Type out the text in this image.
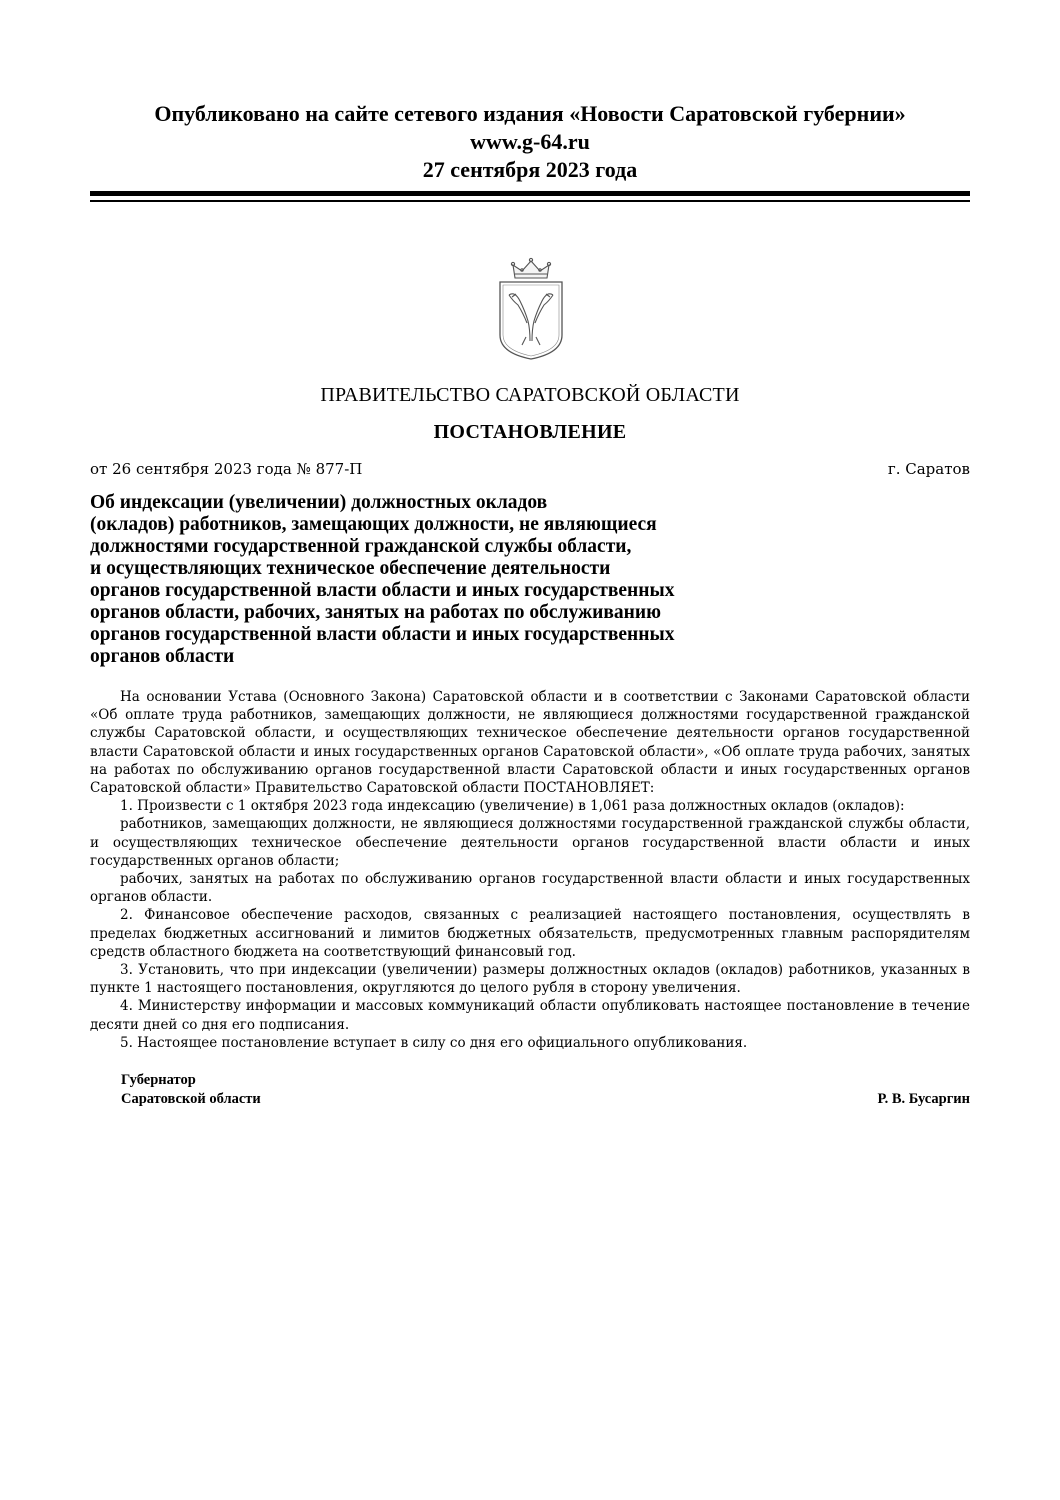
Опубликовано на сайте сетевого издания «Новости Саратовской губернии»
www.g-64.ru
27 сентября 2023 года
ПРАВИТЕЛЬСТВО САРАТОВСКОЙ ОБЛАСТИ
ПОСТАНОВЛЕНИЕ
от 26 сентября 2023 года № 877-П	г. Саратов
Об индексации (увеличении) должностных окладов
(окладов) работников, замещающих должности, не являющиеся
должностями государственной гражданской службы области,
и осуществляющих техническое обеспечение деятельности
органов государственной власти области и иных государственных
органов области, рабочих, занятых на работах по обслуживанию
органов государственной власти области и иных государственных
органов области

На основании Устава (Основного Закона) Саратовской области и в соответствии с Законами Саратовской области «Об оплате труда работников, замещающих должности, не являющиеся должностями государственной гражданской службы Саратовской области, и осуществляющих техническое обеспечение деятельности органов государственной власти Саратовской области и иных государственных органов Саратовской области», «Об оплате труда рабочих, занятых на работах по обслуживанию органов государственной власти Саратовской области и иных государственных органов Саратовской области» Правительство Саратовской области ПОСТАНОВЛЯЕТ:

1. Произвести с 1 октября 2023 года индексацию (увеличение) в 1,061 раза должностных окладов (окладов):

работников, замещающих должности, не являющиеся должностями государственной гражданской службы области, и осуществляющих техническое обеспечение деятельности органов государственной власти области и иных государственных органов области;

рабочих, занятых на работах по обслуживанию органов государственной власти области и иных государственных органов области.

2. Финансовое обеспечение расходов, связанных с реализацией настоящего постановления, осуществлять в пределах бюджетных ассигнований и лимитов бюджетных обязательств, предусмотренных главным распорядителям средств областного бюджета на соответствующий финансовый год.

3. Установить, что при индексации (увеличении) размеры должностных окладов (окладов) работников, указанных в пункте 1 настоящего постановления, округляются до целого рубля в сторону увеличения.

4. Министерству информации и массовых коммуникаций области опубликовать настоящее постановление в течение десяти дней со дня его подписания.

5. Настоящее постановление вступает в силу со дня его официального опубликования.

Губернатор
Саратовской области	Р. В. Бусаргин
